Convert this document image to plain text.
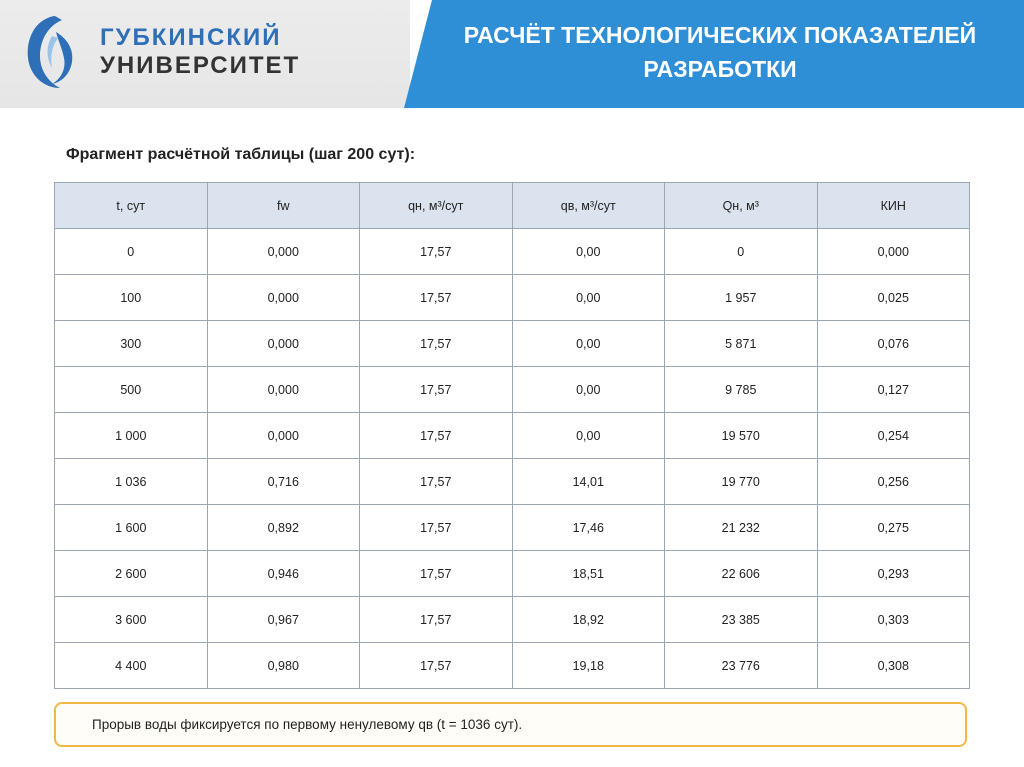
ГУБКИНСКИЙ
УНИВЕРСИТЕТ
РАСЧЁТ ТЕХНОЛОГИЧЕСКИХ ПОКАЗАТЕЛЕЙ
РАЗРАБОТКИ
Фрагмент расчётной таблицы (шаг 200 сут):
t, сут	fw	qн, м³/сут	qв, м³/сут	Qн, м³	КИН
0	0,000	17,57	0,00	0	0,000
100	0,000	17,57	0,00	1 957	0,025
300	0,000	17,57	0,00	5 871	0,076
500	0,000	17,57	0,00	9 785	0,127
1 000	0,000	17,57	0,00	19 570	0,254
1 036	0,716	17,57	14,01	19 770	0,256
1 600	0,892	17,57	17,46	21 232	0,275
2 600	0,946	17,57	18,51	22 606	0,293
3 600	0,967	17,57	18,92	23 385	0,303
4 400	0,980	17,57	19,18	23 776	0,308
Прорыв воды фиксируется по первому ненулевому qв (t = 1036 сут).
